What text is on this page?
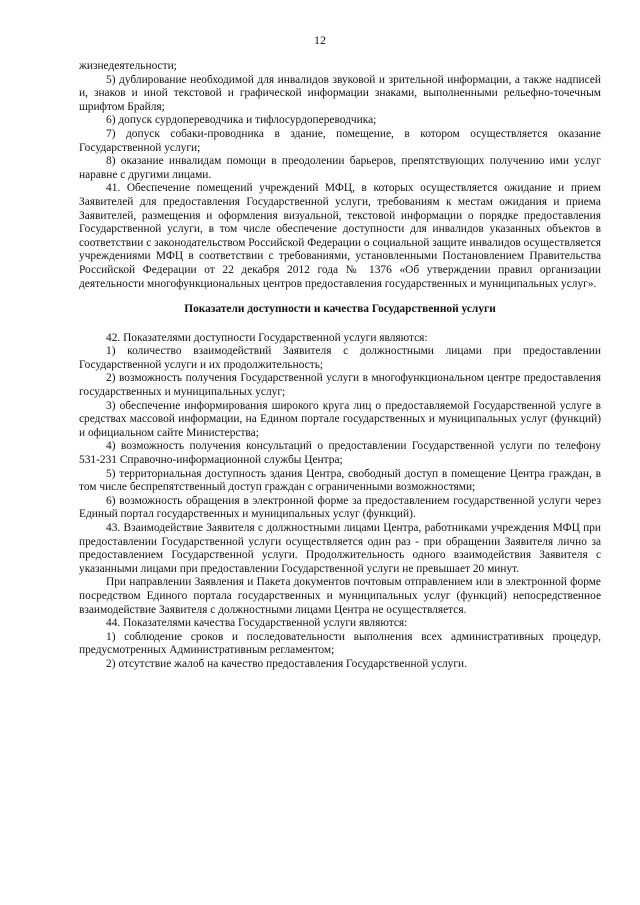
12

жизнедеятельности;

5) дублирование необходимой для инвалидов звуковой и зрительной информации, а также надписей и, знаков и иной текстовой и графической информации знаками, выполненными рельефно-точечным шрифтом Брайля;

6) допуск сурдопереводчика и тифлосурдопереводчика;

7) допуск собаки-проводника в здание, помещение, в котором осуществляется оказание Государственной услуги;

8) оказание инвалидам помощи в преодолении барьеров, препятствующих получению ими услуг наравне с другими лицами.

41. Обеспечение помещений учреждений МФЦ, в которых осуществляется ожидание и прием Заявителей для предоставления Государственной услуги, требованиям к местам ожидания и приема Заявителей, размещения и оформления визуальной, текстовой информации о порядке предоставления Государственной услуги, в том числе обеспечение доступности для инвалидов указанных объектов в соответствии с законодательством Российской Федерации о социальной защите инвалидов осуществляется учреждениями МФЦ в соответствии с требованиями, установленными Постановлением Правительства Российской Федерации от 22 декабря 2012 года № 1376 «Об утверждении правил организации деятельности многофункциональных центров предоставления государственных и муниципальных услуг».

Показатели доступности и качества Государственной услуги

42. Показателями доступности Государственной услуги являются:

1) количество взаимодействий Заявителя с должностными лицами при предоставлении Государственной услуги и их продолжительность;

2) возможность получения Государственной услуги в многофункциональном центре предоставления государственных и муниципальных услуг;

3) обеспечение информирования широкого круга лиц о предоставляемой Государственной услуге в средствах массовой информации, на Едином портале государственных и муниципальных услуг (функций) и официальном сайте Министерства;

4) возможность получения консультаций о предоставлении Государственной услуги по телефону 531-231 Справочно-информационной службы Центра;

5) территориальная доступность здания Центра, свободный доступ в помещение Центра граждан, в том числе беспрепятственный доступ граждан с ограниченными возможностями;

6) возможность обращения в электронной форме за предоставлением государственной услуги через Единый портал государственных и муниципальных услуг (функций).

43. Взаимодействие Заявителя с должностными лицами Центра, работниками учреждения МФЦ при предоставлении Государственной услуги осуществляется один раз - при обращении Заявителя лично за предоставлением Государственной услуги. Продолжительность одного взаимодействия Заявителя с указанными лицами при предоставлении Государственной услуги не превышает 20 минут.

При направлении Заявления и Пакета документов почтовым отправлением или в электронной форме посредством Единого портала государственных и муниципальных услуг (функций) непосредственное взаимодействие Заявителя с должностными лицами Центра не осуществляется.

44. Показателями качества Государственной услуги являются:

1) соблюдение сроков и последовательности выполнения всех административных процедур, предусмотренных Административным регламентом;

2) отсутствие жалоб на качество предоставления Государственной услуги.
